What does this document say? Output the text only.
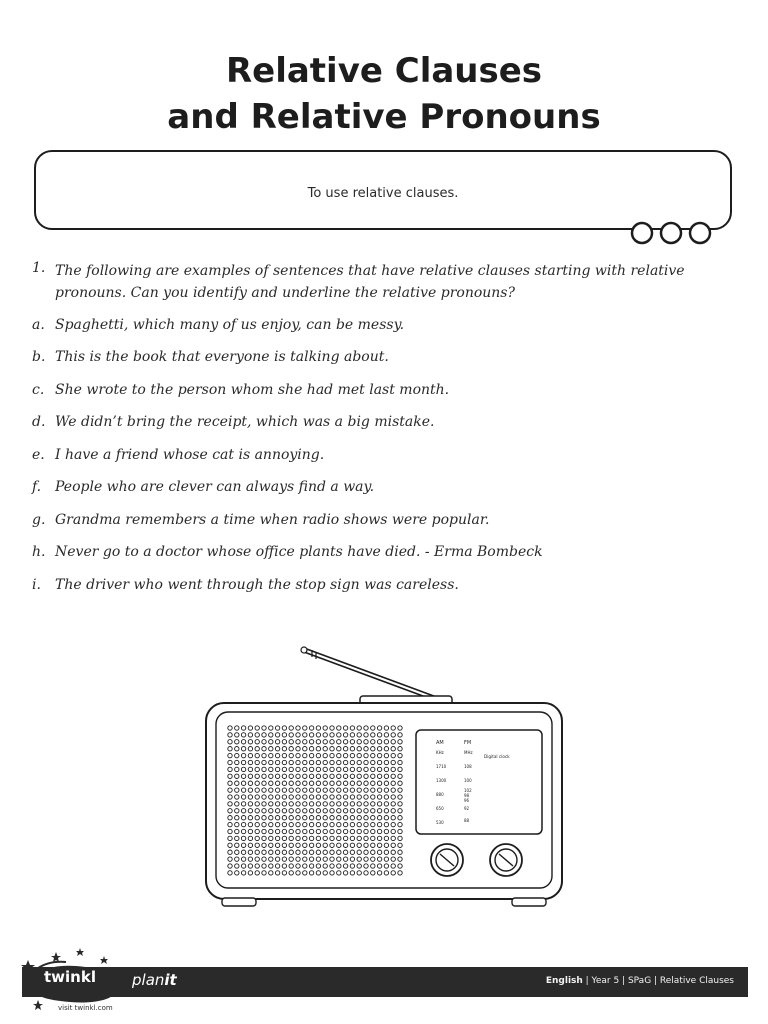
Relative Clauses
and Relative Pronouns
To use relative clauses.
1. The following are examples of sentences that have relative clauses starting with relative pronouns. Can you identify and underline the relative pronouns?
a. Spaghetti, which many of us enjoy, can be messy.
b. This is the book that everyone is talking about.
c. She wrote to the person whom she had met last month.
d. We didn’t bring the receipt, which was a big mistake.
e. I have a friend whose cat is annoying.
f. People who are clever can always find a way.
g. Grandma remembers a time when radio shows were popular.
h. Never go to a doctor whose office plants have died. - Erma Bombeck
i.	The driver who went through the stop sign was careless.
AM	FM
KHz	MHz
Digital clock
1710
1300
880
650
530
108
100
102
98
96
92
88
English | Year 5 | SPaG | Relative Clauses
twinkl planit
visit twinkl.com
